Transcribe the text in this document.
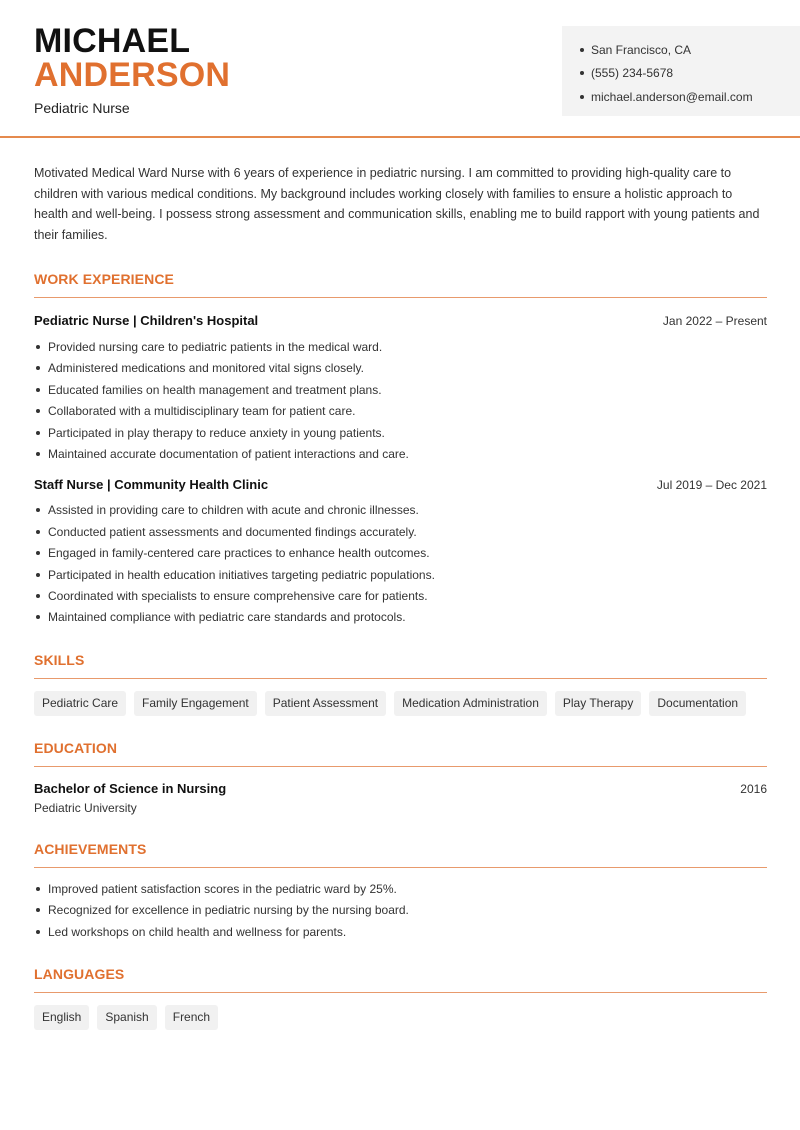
MICHAEL
ANDERSON
Pediatric Nurse
San Francisco, CA
(555) 234-5678
michael.anderson@email.com

Motivated Medical Ward Nurse with 6 years of experience in pediatric nursing. I am committed to providing high-quality care to children with various medical conditions. My background includes working closely with families to ensure a holistic approach to health and well-being. I possess strong assessment and communication skills, enabling me to build rapport with young patients and their families.

WORK EXPERIENCE
Pediatric Nurse | Children's Hospital	Jan 2022 – Present
Provided nursing care to pediatric patients in the medical ward.
Administered medications and monitored vital signs closely.
Educated families on health management and treatment plans.
Collaborated with a multidisciplinary team for patient care.
Participated in play therapy to reduce anxiety in young patients.
Maintained accurate documentation of patient interactions and care.
Staff Nurse | Community Health Clinic	Jul 2019 – Dec 2021
Assisted in providing care to children with acute and chronic illnesses.
Conducted patient assessments and documented findings accurately.
Engaged in family-centered care practices to enhance health outcomes.
Participated in health education initiatives targeting pediatric populations.
Coordinated with specialists to ensure comprehensive care for patients.
Maintained compliance with pediatric care standards and protocols.
SKILLS
Pediatric Care	Family Engagement	Patient Assessment	Medication Administration	Play Therapy	Documentation
EDUCATION
Bachelor of Science in Nursing	2016
Pediatric University
ACHIEVEMENTS
Improved patient satisfaction scores in the pediatric ward by 25%.
Recognized for excellence in pediatric nursing by the nursing board.
Led workshops on child health and wellness for parents.
LANGUAGES
English	Spanish	French
